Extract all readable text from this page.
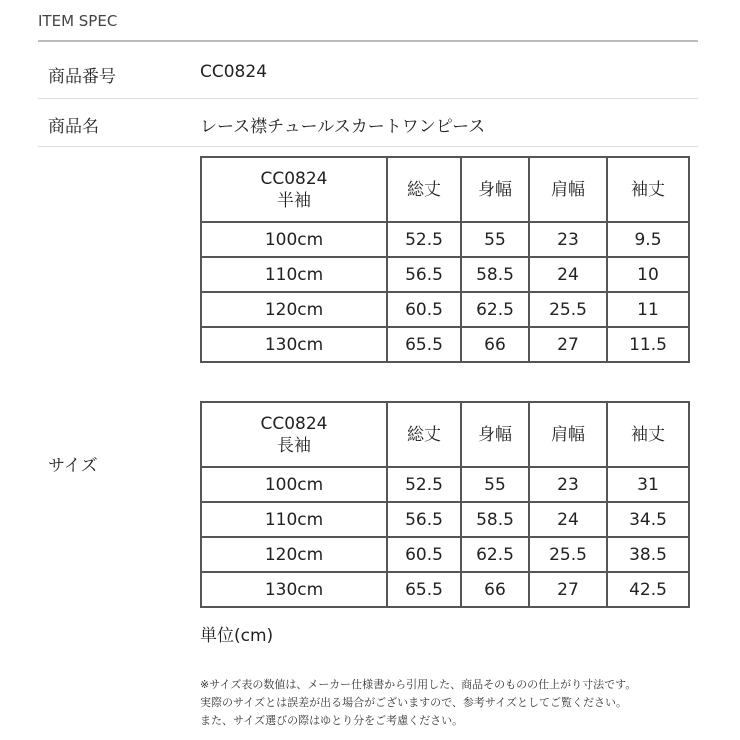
ITEM SPEC
商品番号	CC0824
商品名	レース襟チュールスカートワンピース
サイズ
CC0824
半袖	総丈	身幅	肩幅	袖丈
100cm	52.5	55	23	9.5
110cm	56.5	58.5	24	10
120cm	60.5	62.5	25.5	11
130cm	65.5	66	27	11.5
CC0824
長袖	総丈	身幅	肩幅	袖丈
100cm	52.5	55	23	31
110cm	56.5	58.5	24	34.5
120cm	60.5	62.5	25.5	38.5
130cm	65.5	66	27	42.5
単位(cm)
※サイズ表の数値は、メーカー仕様書から引用した、商品そのものの仕上がり寸法です。
実際のサイズとは誤差が出る場合がございますので、参考サイズとしてご覧ください。
また、サイズ選びの際はゆとり分をご考慮ください。
